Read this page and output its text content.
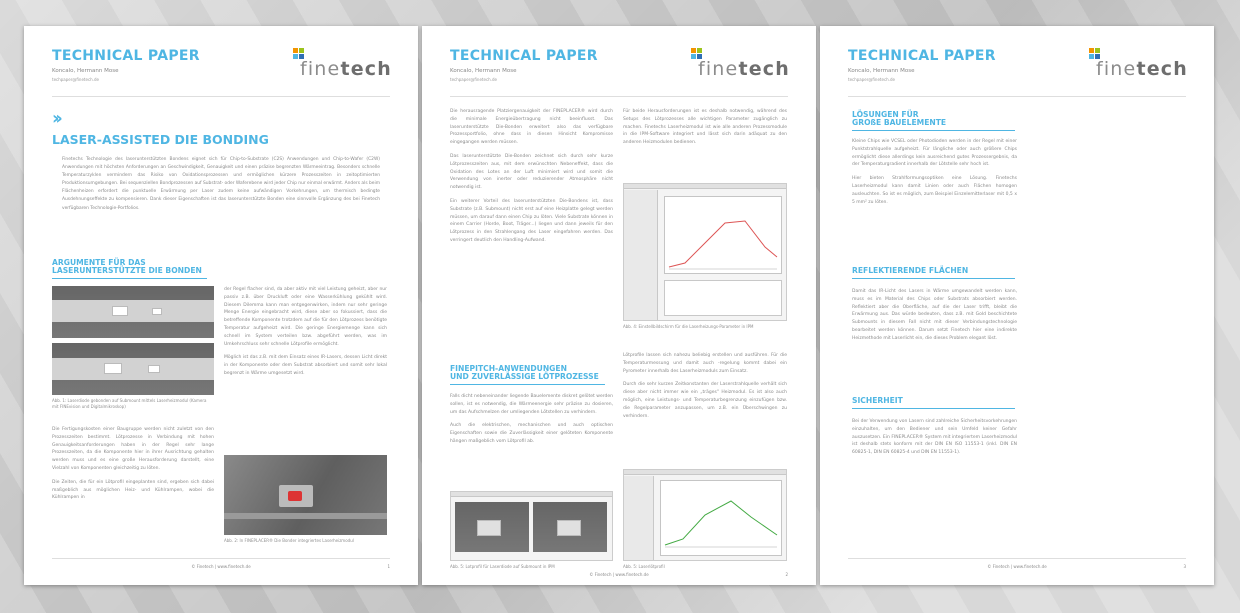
TECHNICAL PAPER
Koncalo, Hermann Mose
techpaper@finetech.de	finetech
››
LASER-ASSISTED DIE BONDING
Finetechs Technologie des laserunterstützten Bondens eignet sich für Chip-to-Substrate (C2S) Anwendungen und Chip-to-Wafer (C2W) Anwendungen mit höchsten Anforderungen an Geschwindigkeit, Genauigkeit und einen präzise begrenzten Wärmeeintrag. Besonders schnelle Temperaturzyklen vermindern das Risiko von Oxidationsprozessen und ermöglichen kürzere Prozesszeiten in zeitoptimierten Produktionsumgebungen. Bei sequenziellen Bondprozessen auf Substrat- oder Waferebene wird jeder Chip nur einmal erwärmt. Anders als beim Flächenheizen erfordert die punktuelle Erwärmung per Laser zudem keine aufwändigen Vorkehrungen, um thermisch bedingte Ausdehnungseffekte zu kompensieren. Dank dieser Eigenschaften ist das laserunterstützte Bonden eine sinnvolle Ergänzung des bei Finetech verfügbaren Technologie-Portfolios.
ARGUMENTE FÜR DAS
LASERUNTERSTÜTZTE DIE BONDEN
Abb. 1: Laserdiode gebonden auf Submount mittels Laserheizmodul (Kamera mit FINEvision und Digitalmikroskop)

Die Fertigungskosten einer Baugruppe werden nicht zuletzt von den Prozesszeiten bestimmt. Lötprozesse in Verbindung mit hohen Genauigkeitsanforderungen haben in der Regel sehr lange Prozesszeiten, da die Komponente hier in ihrer Ausrichtung gehalten werden muss und es eine große Herausforderung darstellt, eine Vielzahl von Komponenten gleichzeitig zu löten.

Die Zeiten, die für ein Lötprofil eingeplanten sind, ergeben sich dabei maßgeblich aus möglichen Heiz- und Kühlrampen, wobei die Kühlrampen in

der Regel flacher sind, da aber aktiv mit viel Leistung geheizt, aber nur passiv z.B. über Druckluft oder eine Wasserkühlung gekühlt wird. Diesem Dilemma kann man entgegenwirken, indem nur sehr geringe Menge Energie eingebracht wird, diese aber so fokussiert, dass die betreffende Komponente trotzdem auf die für den Lötprozess benötigte Temperatur aufgeheizt wird. Die geringe Energiemenge kann sich schnell im System verteilen bzw. abgeführt werden, was im Umkehrschluss sehr schnelle Lötprofile ermöglicht.

Möglich ist das z.B. mit dem Einsatz eines IR-Lasers, dessen Licht direkt in der Komponente oder dem Substrat absorbiert und somit sehr lokal begrenzt in Wärme umgesetzt wird.

Abb. 2: In FINEPLACER® Die Bonder integriertes Laserheizmodul
© Finetech | www.finetech.de	1
TECHNICAL PAPER
Koncalo, Hermann Mose
techpaper@finetech.de	finetech

Die herausragende Platziergenauigkeit der FINEPLACER® wird durch die minimale Energieübertragung nicht beeinflusst. Das laserunterstützte Die-Bonden erweitert also das verfügbare Prozessportfolio, ohne dass in diesen Hinsicht Kompromisse eingegangen werden müssen.

Das laserunterstützte Die-Bonden zeichnet sich durch sehr kurze Lötprozesszeiten aus, mit dem erwünschten Nebeneffekt, dass die Oxidation des Lotes an der Luft minimiert wird und somit die Verwendung von inerter oder reduzierender Atmosphäre nicht notwendig ist.

Ein weiterer Vorteil des laserunterstützten Die-Bondens ist, dass Substrate (z.B. Submount) nicht erst auf eine Heizplatte gelegt werden müssen, um darauf dann einen Chip zu löten. Viele Substrate können in einem Carrier (Horde, Boot, Träger...) liegen und dann jeweils für den Lötprozess in den Strahlengang des Laser eingefahren werden. Das verringert deutlich den Handling-Aufwand.

FINEPITCH-ANWENDUNGEN
UND ZUVERLÄSSIGE LÖTPROZESSE

Falls dicht nebeneinander liegende Bauelemente diskret gelötet werden sollen, ist es notwendig, die Wärmeenergie sehr präzise zu dosieren, um das Aufschmelzen der umliegenden Lötstellen zu verhindern.

Auch die elektrischen, mechanischen und auch optischen Eigenschaften sowie die Zuverlässigkeit einer gelöteten Komponente hängen maßgeblich vom Lötprofil ab.

Abb. 5: Lotprofil für Laserdiode auf Submount in IPM

Für beide Herausforderungen ist es deshalb notwendig, während des Setups des Lötprozesses alle wichtigen Parameter zugänglich zu machen. Finetechs Laserheizmodul ist wie alle anderen Prozessmodule in die IPM-Software integriert und lässt sich darin adäquat zu den anderen Heizmodulen bedienen.

Abb. 4: Einstellbildschirm für die Laserheizungs-Parameter in IPM

Lötprofile lassen sich nahezu beliebig erstellen und ausführen. Für die Temperaturmessung und damit auch -regelung kommt dabei ein Pyrometer innerhalb des Laserheizmoduls zum Einsatz.

Durch die sehr kurzen Zeitkonstanten der Laserstrahlquelle verhält sich diese aber nicht immer wie ein „träges" Heizmodul. Es ist also auch möglich, eine Leistungs- und Temperaturbegrenzung einzufügen bzw. die Regelparameter anzupassen, um z.B. ein Überschwingen zu verhindern.

Abb. 5: Laserlötprofil
© Finetech | www.finetech.de	2
TECHNICAL PAPER
Koncalo, Hermann Mose
techpaper@finetech.de	finetech
LÖSUNGEN FÜR
GROßE BAUELEMENTE

Kleine Chips wie VCSEL oder Photodioden werden in der Regel mit einer Punktstrahlquelle aufgeheizt. Für längliche oder auch größere Chips ermöglicht diese allerdings kein ausreichend gutes Prozessergebnis, da der Temperaturgradient innerhalb der Lötstelle sehr hoch ist.

Hier bieten Strahlformungsoptiken eine Lösung. Finetechs Laserheizmodul kann damit Linien oder auch Flächen homogen ausleuchten. So ist es möglich, zum Beispiel Einzelemitterlaser mit 0,5 x 5 mm² zu löten.

REFLEKTIERENDE FLÄCHEN

Damit das IR-Licht des Lasers in Wärme umgewandelt werden kann, muss es im Material des Chips oder Substrats absorbiert werden. Reflektiert aber die Oberfläche, auf die der Laser trifft, bleibt die Erwärmung aus. Das würde bedeuten, dass z.B. mit Gold beschichtete Submounts in diesem Fall nicht mit dieser Verbindungstechnologie bearbeitet werden können. Darum setzt Finetech hier eine indirekte Heizmethode mit Laserlicht ein, die dieses Problem elegant löst.

SICHERHEIT

Bei der Verwendung von Lasern sind zahlreiche Sicherheitsvorkehrungen einzuhalten, um den Bediener und sein Umfeld keiner Gefahr auszusetzen. Ein FINEPLACER® System mit integriertem Laserheizmodul ist deshalb stets konform mit der DIN EN ISO 11553-1 (inkl. DIN EN 60825-1, DIN EN 60825-4 und DIN EN 11553-1).

© Finetech | www.finetech.de	3
